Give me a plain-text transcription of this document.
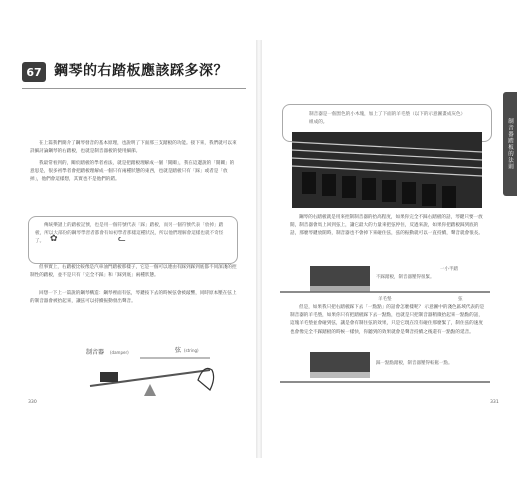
67 鋼琴的右踏板應該踩多深？
在上篇我們簡介了鋼琴發音的基本原理，也說明了下面那三支踏板的功能。接下來，我們就可以來詳細討論鋼琴的右踏板，也就是制音器板的使用細節。
我最常看到的，關於踏板的學者看法，就是把踏板理解成一個「開關」，我在這邊說的「開關」的意思是，很多初學者會把踏板理解成一個只有兩種狀態的東西，也就是踏板只有「踩」或者是「放掉」，他們會這樣想，其實也不是他們的錯。
傳統樂譜上的踏板記號，也是用一個符號代表「踩」踏板，而另一個符號代表「放掉」踏板，所以大部份的鋼琴學習者都會有如初學者那樣這種狀況，所以他們理解會這樣也就不奇怪了。 ✿	ᓚ
但事實上，右踏板比較像是汽車油門踏板那樣子，它是一個可以連由有踩到踩到底都不同深淺的控制性的踏板，並不是只有「完全不踩」和「踩到底」兩種狀態。
回想一下上一篇說的鋼琴構造：鋼琴裡面有弦，琴鍵按下去的時候弦會被敲響，同時原本壓在弦上的制音器會被抬起來，讓弦可以持續振動發出聲音。
制音器 (damper)	弦 (string)
330
制音器是一個黑色的小木塊，加上了下面的羊毛墊（以下的示意圖畫成灰色）組成的。
鋼琴的右踏板就是用來控制制音器的抬高程度，如果你完全不踩右踏板的話，琴鍵只要一放開，制音器會馬上回到弦上，讓它最大的力量來把弦停住，反過來說，如果你把踏板踩到底的話，那麼琴鍵放開時，制音器也不會掉下來碰住弦，弦的振動就可以一直持續，聲音就會很長。
一小半踏
不踩踏板，制音器壓得很緊。
羊毛墊	弦
但是，如果我只把右踏板踩下去「一點點」的話會怎麼樣呢？ 示意圖中的淺色區域代表的是制音器的羊毛墊，如果你只有把踏板踩下去一點點，也就是只把制音器稍微抬起來一點點的話，這塊羊毛墊並會碰到弦，讓是會有制住弦的效果，只是它現在沒有碰住那麼緊了，制住弦的速度也會像完全不踩踏板的時候一樣快，你聽到的效果就會是聲音持續之後還有一點點的延音。
踩一點點踏板，制音器壓得較鬆一點。
制音器踏板的法則
331
